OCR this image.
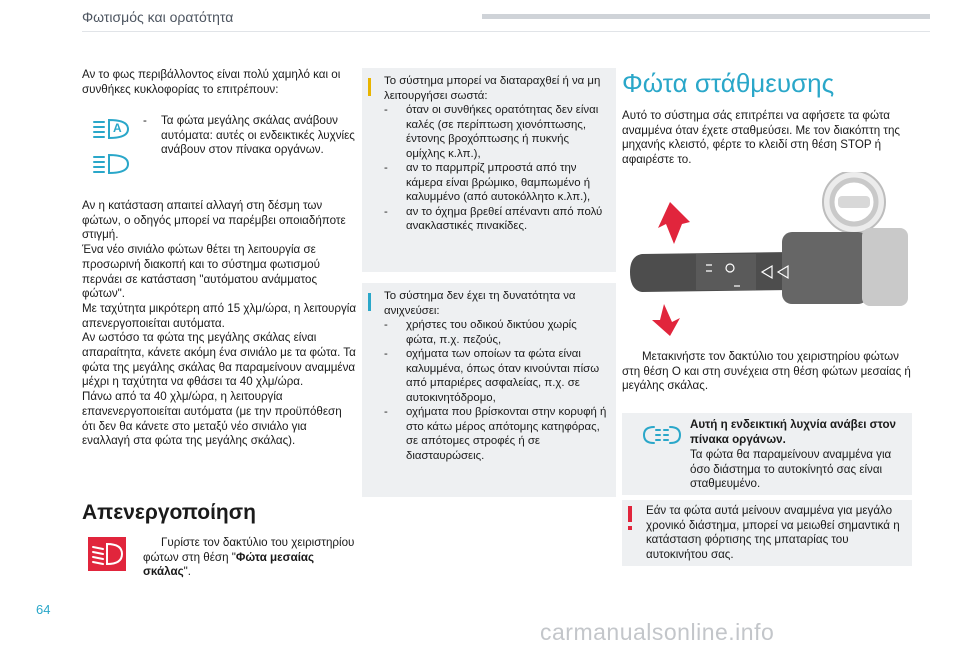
Φωτισμός και ορατότητα
Αν το φως περιβάλλοντος είναι πολύ χαμηλό και οι συνθήκες κυκλοφορίας το επιτρέπουν:
A
- Τα φώτα μεγάλης σκάλας ανάβουν αυτόματα: αυτές οι ενδεικτικές λυχνίες ανάβουν στον πίνακα οργάνων.
Αν η κατάσταση απαιτεί αλλαγή στη δέσμη των φώτων, ο οδηγός μπορεί να παρέμβει οποιαδήποτε στιγμή.
Ένα νέο σινιάλο φώτων θέτει τη λειτουργία σε προσωρινή διακοπή και το σύστημα φωτισμού περνάει σε κατάσταση "αυτόματου ανάμματος φώτων".
Με ταχύτητα μικρότερη από 15 χλμ/ώρα, η λειτουργία απενεργοποιείται αυτόματα.
Αν ωστόσο τα φώτα της μεγάλης σκάλας είναι απαραίτητα, κάνετε ακόμη ένα σινιάλο με τα φώτα. Τα φώτα της μεγάλης σκάλας θα παραμείνουν αναμμένα μέχρι η ταχύτητα να φθάσει τα 40 χλμ/ώρα.
Πάνω από τα 40 χλμ/ώρα, η λειτουργία επανενεργοποιείται αυτόματα (με την προϋπόθεση ότι δεν θα κάνετε στο μεταξύ νέο σινιάλο για εναλλαγή στα φώτα της μεγάλης σκάλας).
Απενεργοποίηση
Γυρίστε τον δακτύλιο του χειριστηρίου φώτων στη θέση "Φώτα μεσαίας σκάλας".
Το σύστημα μπορεί να διαταραχθεί ή να μη λειτουργήσει σωστά:
-	όταν οι συνθήκες ορατότητας δεν είναι καλές (σε περίπτωση χιονόπτωσης, έντονης βροχόπτωσης ή πυκνής ομίχλης κ.λπ.),
-	αν το παρμπρίζ μπροστά από την κάμερα είναι βρώμικο, θαμπωμένο ή καλυμμένο (από αυτοκόλλητο κ.λπ.),
-	αν το όχημα βρεθεί απέναντι από πολύ ανακλαστικές πινακίδες.
Το σύστημα δεν έχει τη δυνατότητα να ανιχνεύσει:
-	χρήστες του οδικού δικτύου χωρίς φώτα, π.χ. πεζούς,
-	οχήματα των οποίων τα φώτα είναι καλυμμένα, όπως όταν κινούνται πίσω από μπαριέρες ασφαλείας, π.χ. σε αυτοκινητόδρομο,
-	οχήματα που βρίσκονται στην κορυφή ή στο κάτω μέρος απότομης κατηφόρας, σε απότομες στροφές ή σε διασταυρώσεις.
Φώτα στάθμευσης
Αυτό το σύστημα σάς επιτρέπει να αφήσετε τα φώτα αναμμένα όταν έχετε σταθμεύσει. Με τον διακόπτη της μηχανής κλειστό, φέρτε το κλειδί στη θέση STOP ή αφαιρέστε το.
O
Μετακινήστε τον δακτύλιο του χειριστηρίου φώτων στη θέση O και στη συνέχεια στη θέση φώτων μεσαίας ή μεγάλης σκάλας.
Αυτή η ενδεικτική λυχνία ανάβει στον πίνακα οργάνων.
Τα φώτα θα παραμείνουν αναμμένα για όσο διάστημα το αυτοκίνητό σας είναι σταθμευμένο.
Εάν τα φώτα αυτά μείνουν αναμμένα για μεγάλο χρονικό διάστημα, μπορεί να μειωθεί σημαντικά η κατάσταση φόρτισης της μπαταρίας του αυτοκινήτου σας.
64
carmanualsonline.info
